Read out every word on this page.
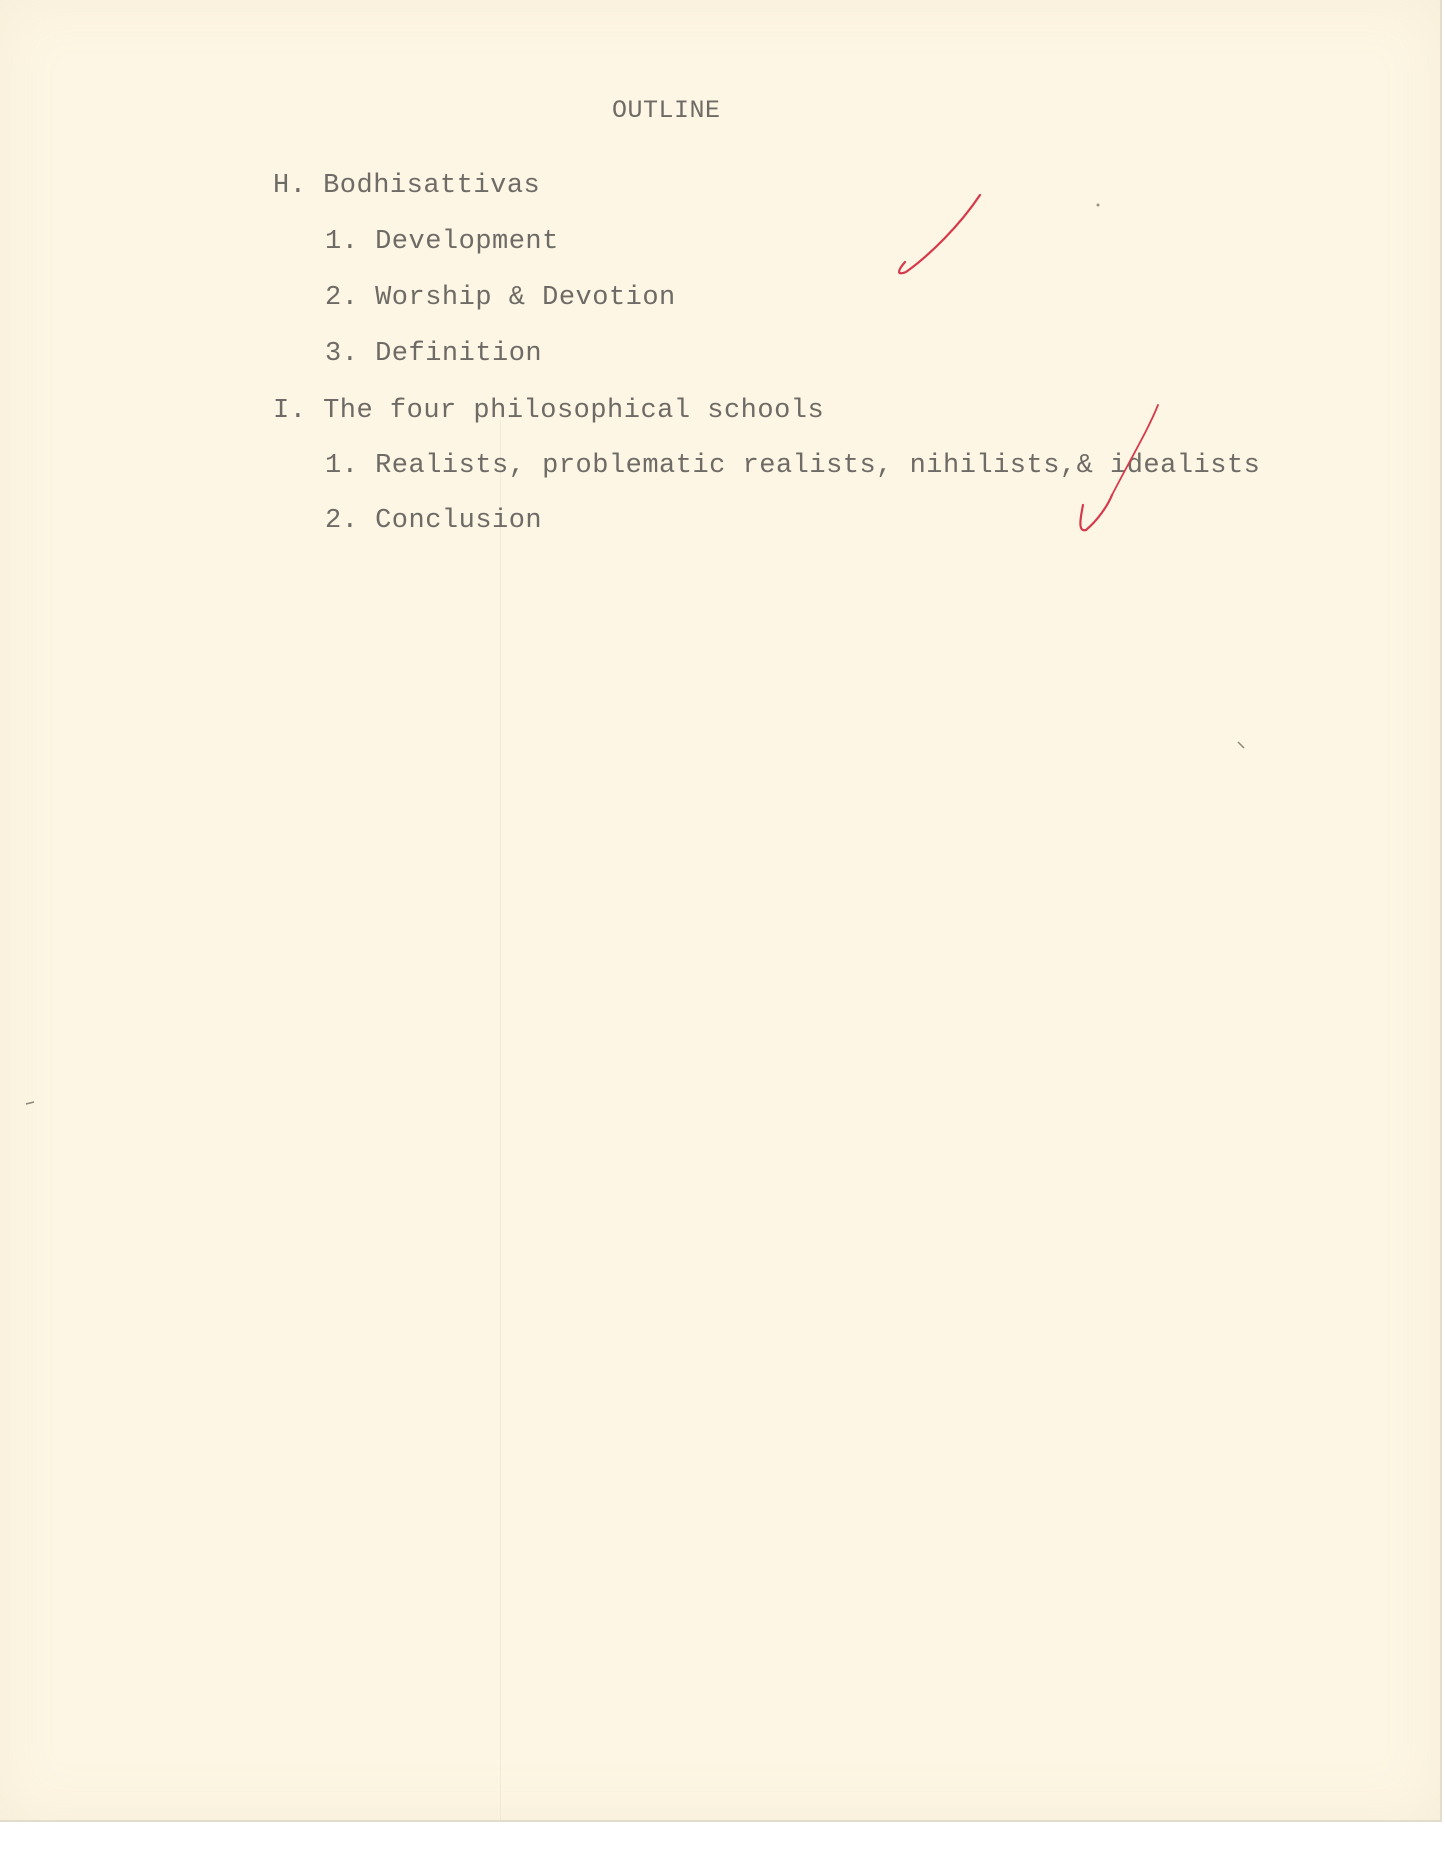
OUTLINE
H. Bodhisattivas
1. Development
2. Worship & Devotion
3. Definition
I. The four philosophical schools
1. Realists, problematic realists, nihilists,& idealists
2. Conclusion
